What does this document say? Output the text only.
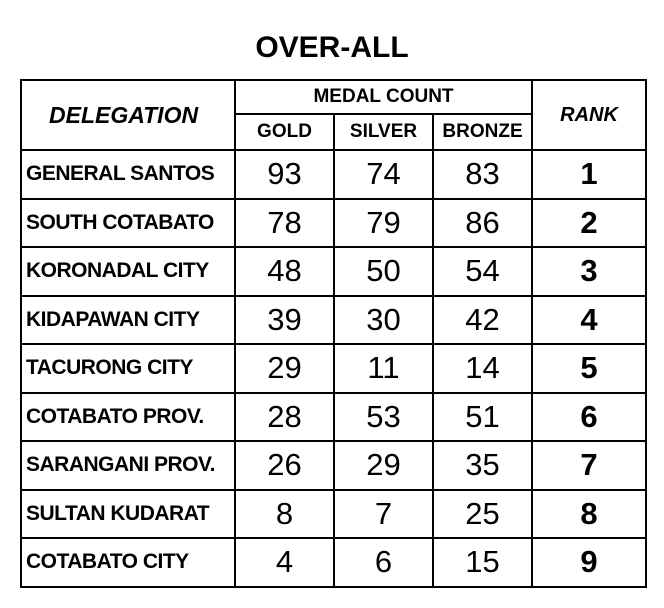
OVER-ALL
DELEGATION	MEDAL COUNT			RANK
	GOLD	SILVER	BRONZE	
GENERAL SANTOS	93	74	83	1
SOUTH COTABATO	78	79	86	2
KORONADAL CITY	48	50	54	3
KIDAPAWAN CITY	39	30	42	4
TACURONG CITY	29	11	14	5
COTABATO PROV.	28	53	51	6
SARANGANI PROV.	26	29	35	7
SULTAN KUDARAT	8	7	25	8
COTABATO CITY	4	6	15	9
